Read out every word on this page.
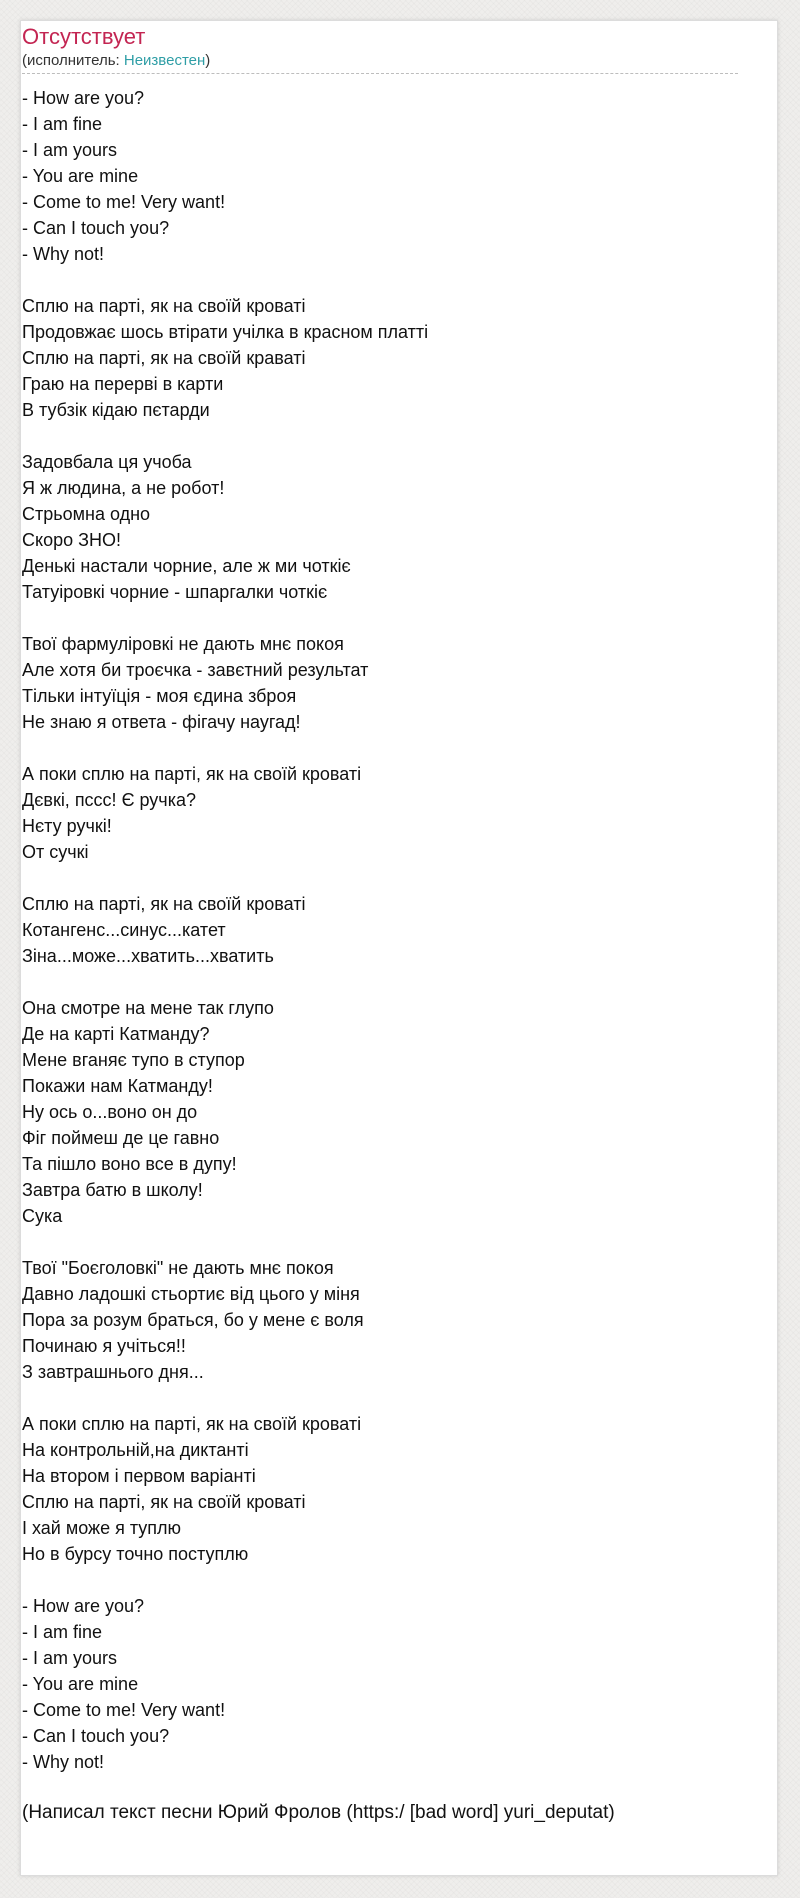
Отсутствует
(исполнитель: Неизвестен)
- How are you?
- I am fine
- I am yours
- You are mine
- Come to me! Very want!
- Can I touch you?
- Why not!
Сплю на парті, як на своїй кроваті
Продовжає шось втірати учілка в красном платті
Сплю на парті, як на своїй краваті
Граю на перерві в карти
В тубзік кідаю пєтарди
Задовбала ця учоба
Я ж людина, а не робот!
Стрьомна одно
Скоро ЗНО!
Денькі настали чорние, але ж ми чоткіє
Татуіровкі чорние - шпаргалки чоткіє
Твої фармуліровкі не дають мнє покоя
Але хотя би троєчка - завєтний результат
Тільки інтуїція - моя єдина зброя
Не знаю я ответа - фігачу наугад!
А поки сплю на парті, як на своїй кроваті
Дєвкі, пссс! Є ручка?
Нєту ручкі!
От сучкі
Сплю на парті, як на своїй кроваті
Котангенс...синус...катет
Зіна...може...хватить...хватить
Она смотре на мене так глупо
Де на карті Катманду?
Мене вганяє тупо в ступор
Покажи нам Катманду!
Ну ось о...воно он до
Фіг поймеш де це гавно
Та пішло воно все в дупу!
Завтра батю в школу!
Сука
Твої "Боєголовкі" не дають мнє покоя
Давно ладошкі стьортиє від цього у міня
Пора за розум браться, бо у мене є воля
Починаю я учіться!!
З завтрашнього дня...
А поки сплю на парті, як на своїй кроваті
На контрольній,на диктанті
На втором і первом варіанті
Сплю на парті, як на своїй кроваті
І хай може я туплю
Но в бурсу точно поступлю
- How are you?
- I am fine
- I am yours
- You are mine
- Come to me! Very want!
- Can I touch you?
- Why not!
(Написал текст песни Юрий Фролов (https:/ [bad word] yuri_deputat)
